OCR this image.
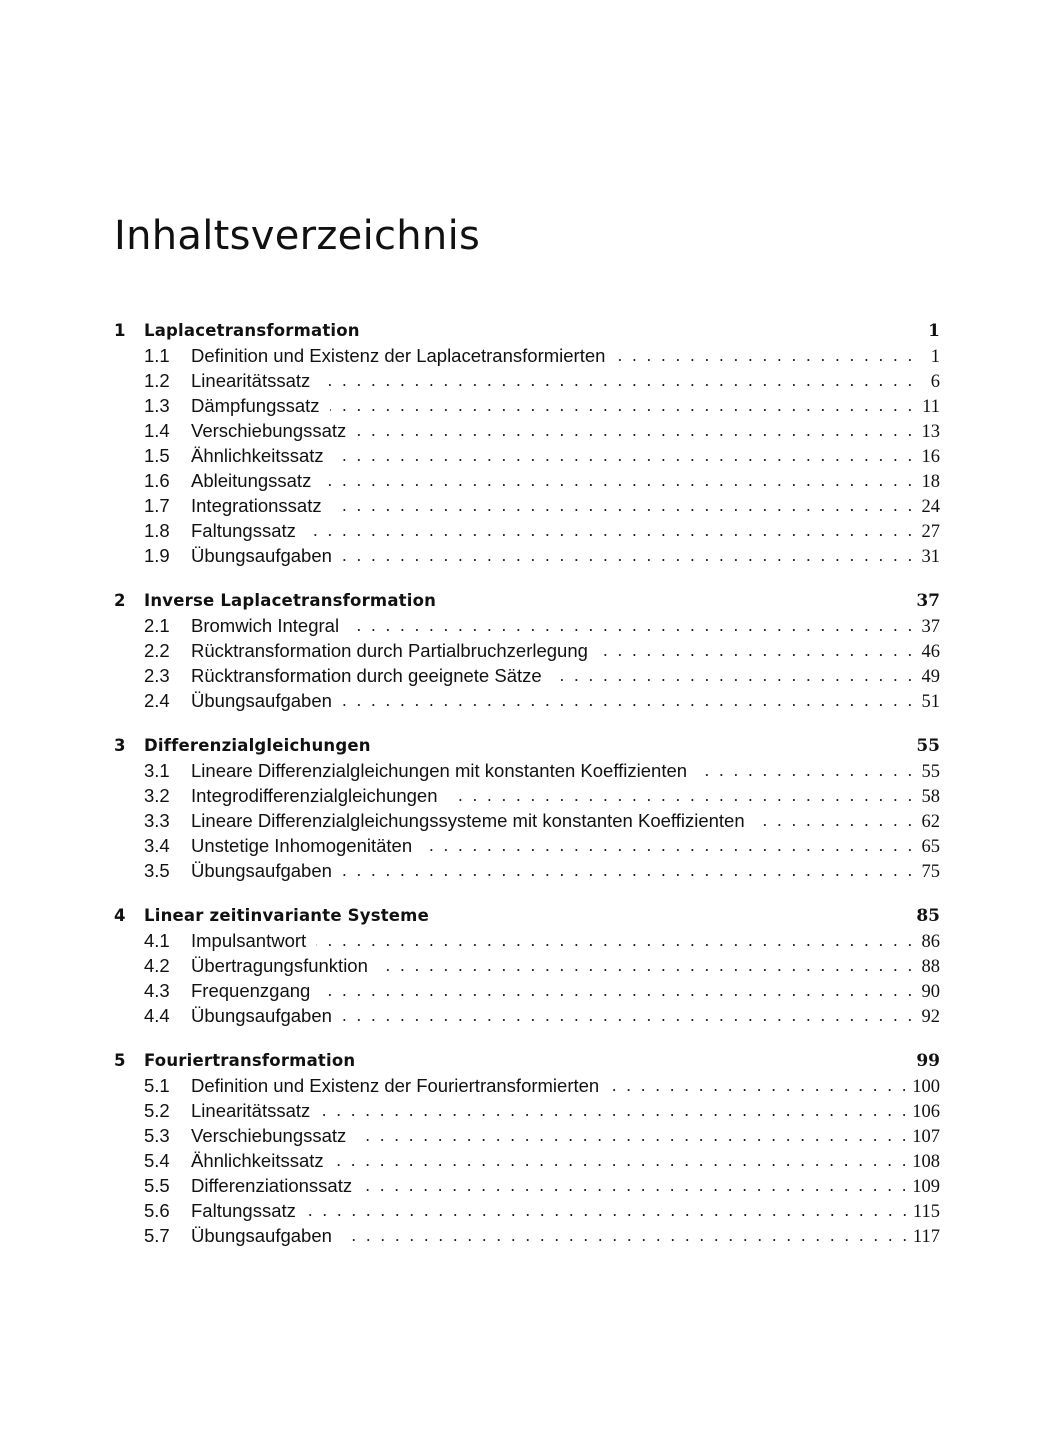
Inhaltsverzeichnis
1	Laplacetransformation	1
1.1	Definition und Existenz der Laplacetransformierten . . .	1
1.2	Linearitätssatz . . .	6
1.3	Dämpfungssatz . . .	11
1.4	Verschiebungssatz . . .	13
1.5	Ähnlichkeitssatz . . .	16
1.6	Ableitungssatz . . .	18
1.7	Integrationssatz . . .	24
1.8	Faltungssatz . . .	27
1.9	Übungsaufgaben . . .	31
2	Inverse Laplacetransformation	37
2.1	Bromwich Integral . . .	37
2.2	Rücktransformation durch Partialbruchzerlegung . . .	46
2.3	Rücktransformation durch geeignete Sätze . . .	49
2.4	Übungsaufgaben . . .	51
3	Differenzialgleichungen	55
3.1	Lineare Differenzialgleichungen mit konstanten Koeffizienten . . .	55
3.2	Integrodifferenzialgleichungen . . .	58
3.3	Lineare Differenzialgleichungssysteme mit konstanten Koeffizienten . . .	62
3.4	Unstetige Inhomogenitäten . . .	65
3.5	Übungsaufgaben . . .	75
4	Linear zeitinvariante Systeme	85
4.1	Impulsantwort . . .	86
4.2	Übertragungsfunktion . . .	88
4.3	Frequenzgang . . .	90
4.4	Übungsaufgaben . . .	92
5	Fouriertransformation	99
5.1	Definition und Existenz der Fouriertransformierten . . .	100
5.2	Linearitätssatz . . .	106
5.3	Verschiebungssatz . . .	107
5.4	Ähnlichkeitssatz . . .	108
5.5	Differenziationssatz . . .	109
5.6	Faltungssatz . . .	115
5.7	Übungsaufgaben . . .	117
